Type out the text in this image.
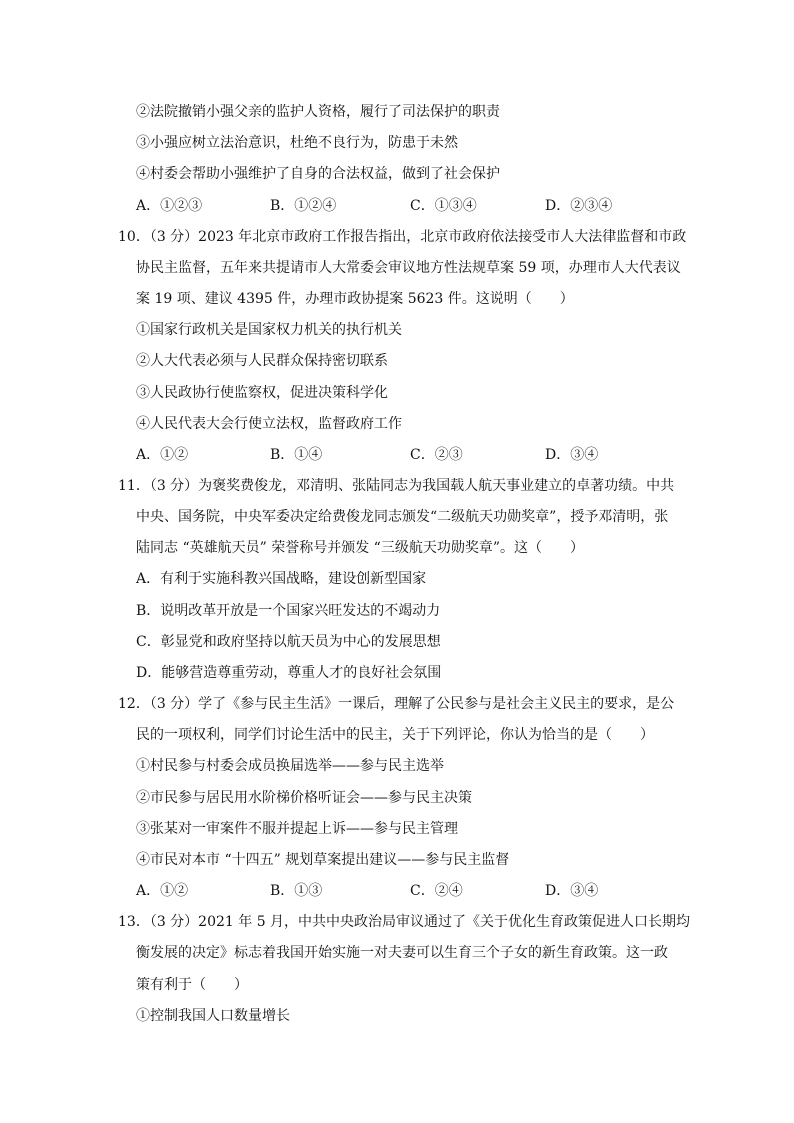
②法院撤销小强父亲的监护人资格，履行了司法保护的职责
③小强应树立法治意识，杜绝不良行为，防患于未然
④村委会帮助小强维护了自身的合法权益，做到了社会保护
A．①②③	B．①②④	C．①③④	D．②③④
10．（3 分）2023 年北京市政府工作报告指出，北京市政府依法接受市人大法律监督和市政
协民主监督，五年来共提请市人大常委会审议地方性法规草案 59 项，办理市人大代表议
案 19 项、建议 4395 件，办理市政协提案 5623 件。这说明（　　）
①国家行政机关是国家权力机关的执行机关
②人大代表必须与人民群众保持密切联系
③人民政协行使监察权，促进决策科学化
④人民代表大会行使立法权，监督政府工作
A．①②	B．①④	C．②③	D．③④
11．（3 分）为褒奖费俊龙，邓清明、张陆同志为我国载人航天事业建立的卓著功绩。中共
中央、国务院，中央军委决定给费俊龙同志颁发“二级航天功勋奖章”，授予邓清明，张
陆同志 “英雄航天员” 荣誉称号并颁发 “三级航天功勋奖章”。这（　　）
A．有利于实施科教兴国战略，建设创新型国家
B．说明改革开放是一个国家兴旺发达的不竭动力
C．彰显党和政府坚持以航天员为中心的发展思想
D．能够营造尊重劳动，尊重人才的良好社会氛围
12．（3 分）学了《参与民主生活》一课后，理解了公民参与是社会主义民主的要求，是公
民的一项权利，同学们讨论生活中的民主，关于下列评论，你认为恰当的是（　　）
①村民参与村委会成员换届选举——参与民主选举
②市民参与居民用水阶梯价格听证会——参与民主决策
③张某对一审案件不服并提起上诉——参与民主管理
④市民对本市 “十四五” 规划草案提出建议——参与民主监督
A．①②	B．①③	C．②④	D．③④
13．（3 分）2021 年 5 月，中共中央政治局审议通过了《关于优化生育政策促进人口长期均
衡发展的决定》标志着我国开始实施一对夫妻可以生育三个子女的新生育政策。这一政
策有利于（　　）
①控制我国人口数量增长
